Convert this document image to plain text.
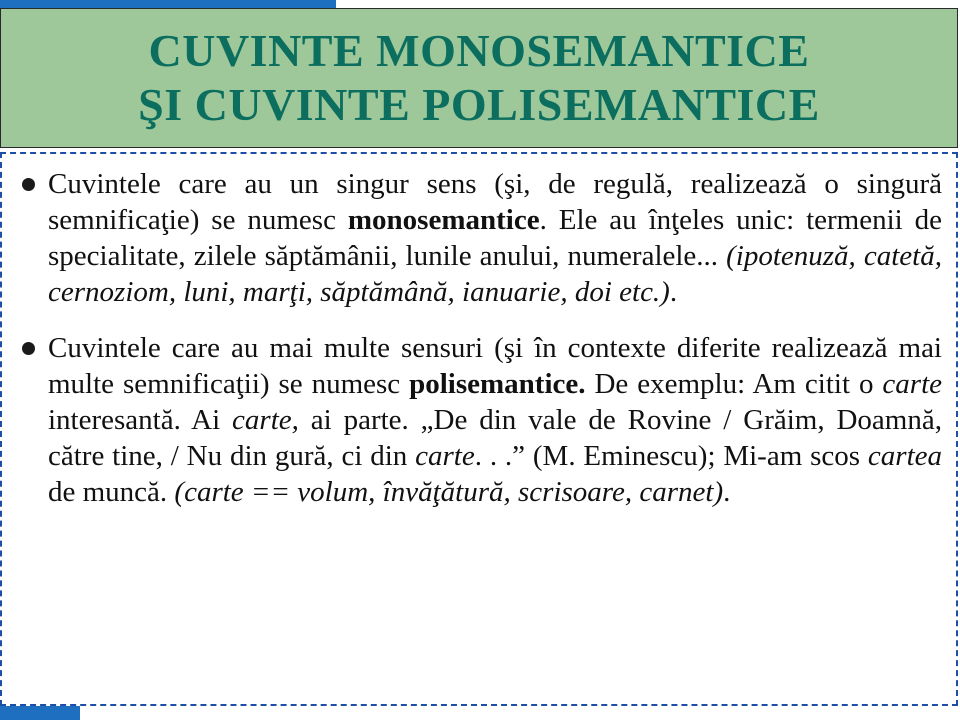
CUVINTE MONOSEMANTICE
ŞI CUVINTE POLISEMANTICE
Cuvintele care au un singur sens (şi, de regulă, realizează o singură semnificaţie) se numesc monosemantice. Ele au înţeles unic: termenii de specialitate, zilele săptămânii, lunile anului, numeralele... (ipotenuză, catetă, cernoziom, luni, marţi, săptămână, ianuarie, doi etc.).
Cuvintele care au mai multe sensuri (şi în contexte diferite realizează mai multe semnificaţii) se numesc polisemantice. De exemplu: Am citit o carte interesantă. Ai carte, ai parte. „De din vale de Rovine / Grăim, Doamnă, către tine, / Nu din gură, ci din carte. . .” (M. Eminescu); Mi-am scos cartea de muncă. (carte == volum, învăţătură, scrisoare, carnet).
